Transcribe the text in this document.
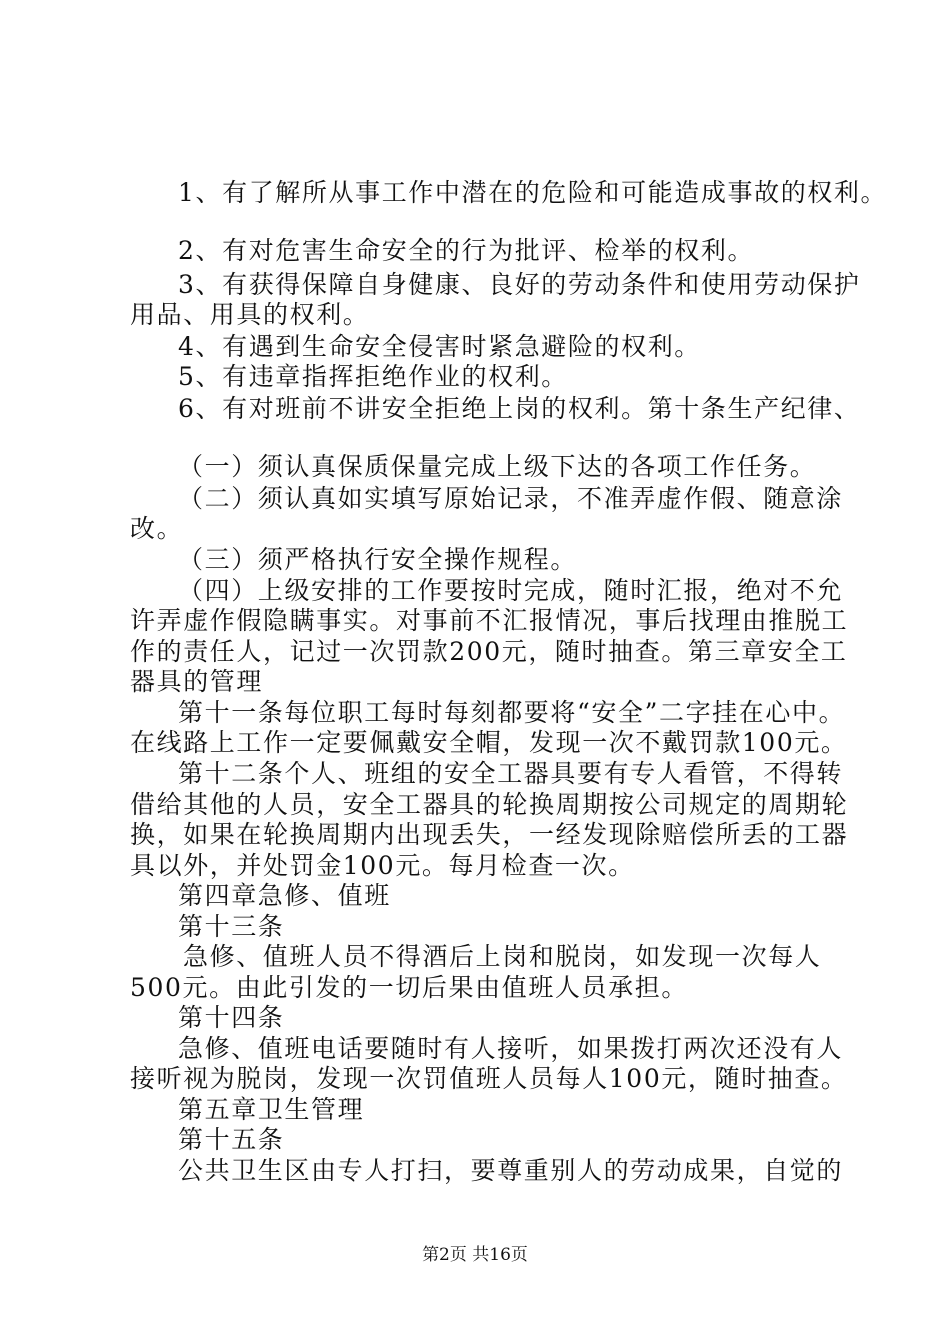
1、有了解所从事工作中潜在的危险和可能造成事故的权利。
2、有对危害生命安全的行为批评、检举的权利。
3、有获得保障自身健康、良好的劳动条件和使用劳动保护
用品、用具的权利。
4、有遇到生命安全侵害时紧急避险的权利。
5、有违章指挥拒绝作业的权利。
6、有对班前不讲安全拒绝上岗的权利。第十条生产纪律、
（一）须认真保质保量完成上级下达的各项工作任务。
（二）须认真如实填写原始记录，不准弄虚作假、随意涂
改。
（三）须严格执行安全操作规程。
（四）上级安排的工作要按时完成，随时汇报，绝对不允
许弄虚作假隐瞒事实。对事前不汇报情况，事后找理由推脱工
作的责任人，记过一次罚款200元，随时抽查。第三章安全工
器具的管理
第十一条每位职工每时每刻都要将“安全”二字挂在心中。
在线路上工作一定要佩戴安全帽，发现一次不戴罚款100元。
第十二条个人、班组的安全工器具要有专人看管，不得转
借给其他的人员，安全工器具的轮换周期按公司规定的周期轮
换，如果在轮换周期内出现丢失，一经发现除赔偿所丢的工器
具以外，并处罚金100元。每月检查一次。
第四章急修、值班
第十三条
急修、值班人员不得酒后上岗和脱岗，如发现一次每人
500元。由此引发的一切后果由值班人员承担。
第十四条
急修、值班电话要随时有人接听，如果拨打两次还没有人
接听视为脱岗，发现一次罚值班人员每人100元，随时抽查。
第五章卫生管理
第十五条
公共卫生区由专人打扫，要尊重别人的劳动成果，自觉的
第2页 共16页
